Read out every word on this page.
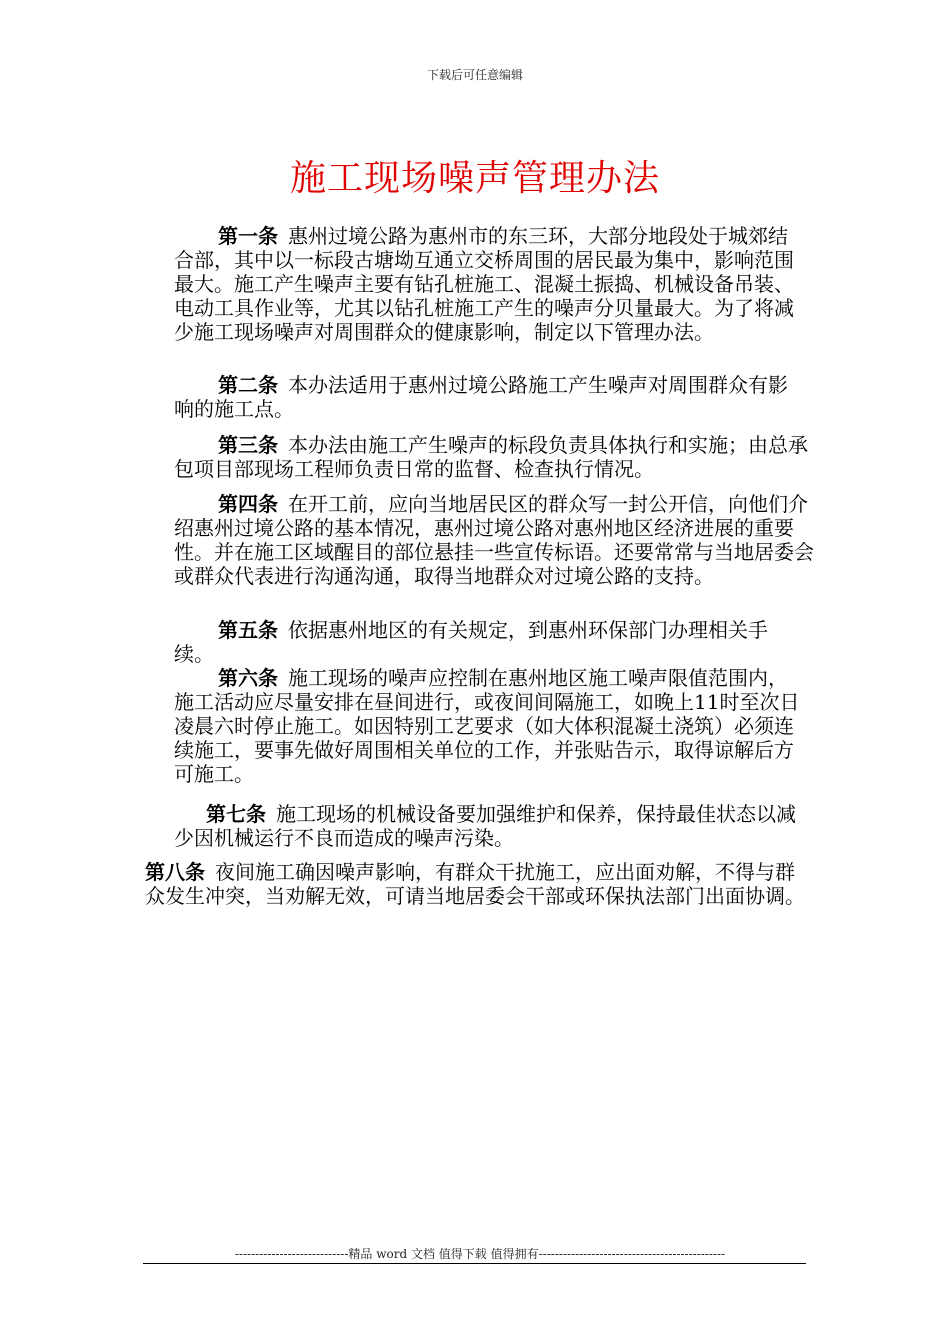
下载后可任意编辑
施工现场噪声管理办法
第一条 惠州过境公路为惠州市的东三环，大部分地段处于城郊结合部，其中以一标段古塘坳互通立交桥周围的居民最为集中，影响范围最大。施工产生噪声主要有钻孔桩施工、混凝土振捣、机械设备吊装、电动工具作业等，尤其以钻孔桩施工产生的噪声分贝量最大。为了将减少施工现场噪声对周围群众的健康影响，制定以下管理办法。
第二条 本办法适用于惠州过境公路施工产生噪声对周围群众有影响的施工点。
第三条 本办法由施工产生噪声的标段负责具体执行和实施；由总承包项目部现场工程师负责日常的监督、检查执行情况。
第四条 在开工前，应向当地居民区的群众写一封公开信，向他们介绍惠州过境公路的基本情况，惠州过境公路对惠州地区经济进展的重要性。并在施工区域醒目的部位悬挂一些宣传标语。还要常常与当地居委会或群众代表进行沟通沟通，取得当地群众对过境公路的支持。
第五条 依据惠州地区的有关规定，到惠州环保部门办理相关手续。
第六条 施工现场的噪声应控制在惠州地区施工噪声限值范围内，施工活动应尽量安排在昼间进行，或夜间间隔施工，如晚上11时至次日凌晨六时停止施工。如因特别工艺要求（如大体积混凝土浇筑）必须连续施工，要事先做好周围相关单位的工作，并张贴告示，取得谅解后方可施工。
第七条 施工现场的机械设备要加强维护和保养，保持最佳状态以减少因机械运行不良而造成的噪声污染。
第八条 夜间施工确因噪声影响，有群众干扰施工，应出面劝解，不得与群众发生冲突，当劝解无效，可请当地居委会干部或环保执法部门出面协调。
----------------------------精品 word 文档 值得下载 值得拥有----------------------------------------------
